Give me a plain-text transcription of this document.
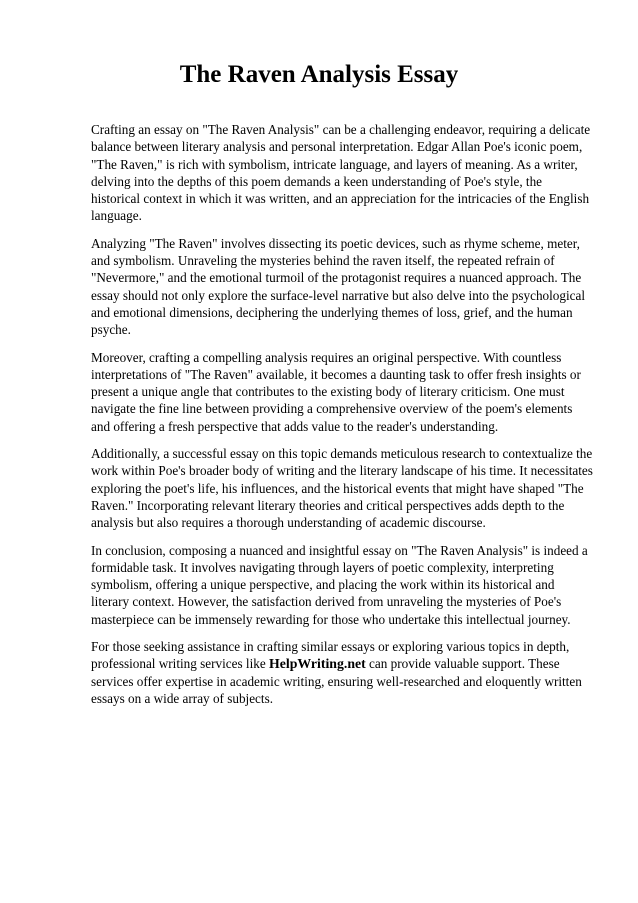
The Raven Analysis Essay

Crafting an essay on "The Raven Analysis" can be a challenging endeavor, requiring a delicate balance between literary analysis and personal interpretation. Edgar Allan Poe's iconic poem, "The Raven," is rich with symbolism, intricate language, and layers of meaning. As a writer, delving into the depths of this poem demands a keen understanding of Poe's style, the historical context in which it was written, and an appreciation for the intricacies of the English language.

Analyzing "The Raven" involves dissecting its poetic devices, such as rhyme scheme, meter, and symbolism. Unraveling the mysteries behind the raven itself, the repeated refrain of "Nevermore," and the emotional turmoil of the protagonist requires a nuanced approach. The essay should not only explore the surface-level narrative but also delve into the psychological and emotional dimensions, deciphering the underlying themes of loss, grief, and the human psyche.

Moreover, crafting a compelling analysis requires an original perspective. With countless interpretations of "The Raven" available, it becomes a daunting task to offer fresh insights or present a unique angle that contributes to the existing body of literary criticism. One must navigate the fine line between providing a comprehensive overview of the poem's elements and offering a fresh perspective that adds value to the reader's understanding.

Additionally, a successful essay on this topic demands meticulous research to contextualize the work within Poe's broader body of writing and the literary landscape of his time. It necessitates exploring the poet's life, his influences, and the historical events that might have shaped "The Raven." Incorporating relevant literary theories and critical perspectives adds depth to the analysis but also requires a thorough understanding of academic discourse.

In conclusion, composing a nuanced and insightful essay on "The Raven Analysis" is indeed a formidable task. It involves navigating through layers of poetic complexity, interpreting symbolism, offering a unique perspective, and placing the work within its historical and literary context. However, the satisfaction derived from unraveling the mysteries of Poe's masterpiece can be immensely rewarding for those who undertake this intellectual journey.

For those seeking assistance in crafting similar essays or exploring various topics in depth, professional writing services like HelpWriting.net can provide valuable support. These services offer expertise in academic writing, ensuring well-researched and eloquently written essays on a wide array of subjects.
